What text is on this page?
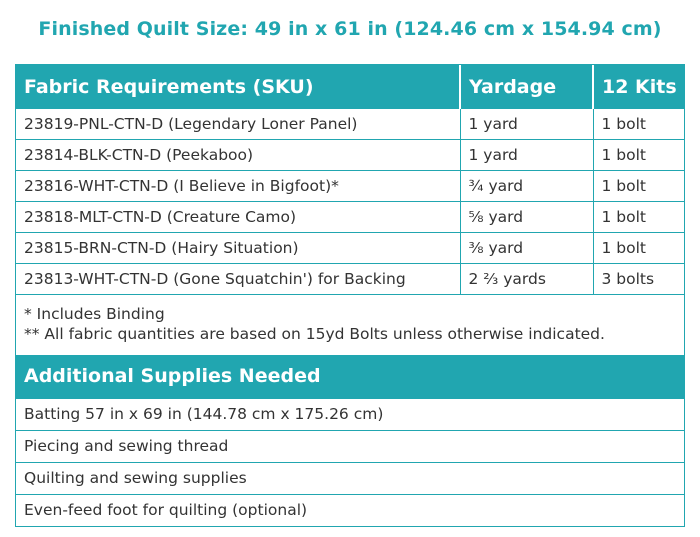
Finished Quilt Size: 49 in x 61 in (124.46 cm x 154.94 cm)
Fabric Requirements (SKU)	Yardage	12 Kits
23819-PNL-CTN-D (Legendary Loner Panel)	1 yard	1 bolt
23814-BLK-CTN-D (Peekaboo)	1 yard	1 bolt
23816-WHT-CTN-D (I Believe in Bigfoot)*	¾ yard	1 bolt
23818-MLT-CTN-D (Creature Camo)	⅝ yard	1 bolt
23815-BRN-CTN-D (Hairy Situation)	⅜ yard	1 bolt
23813-WHT-CTN-D (Gone Squatchin') for Backing	2 ⅔ yards	3 bolts
* Includes Binding
** All fabric quantities are based on 15yd Bolts unless otherwise indicated.
Additional Supplies Needed
Batting 57 in x 69 in (144.78 cm x 175.26 cm)
Piecing and sewing thread
Quilting and sewing supplies
Even-feed foot for quilting (optional)
